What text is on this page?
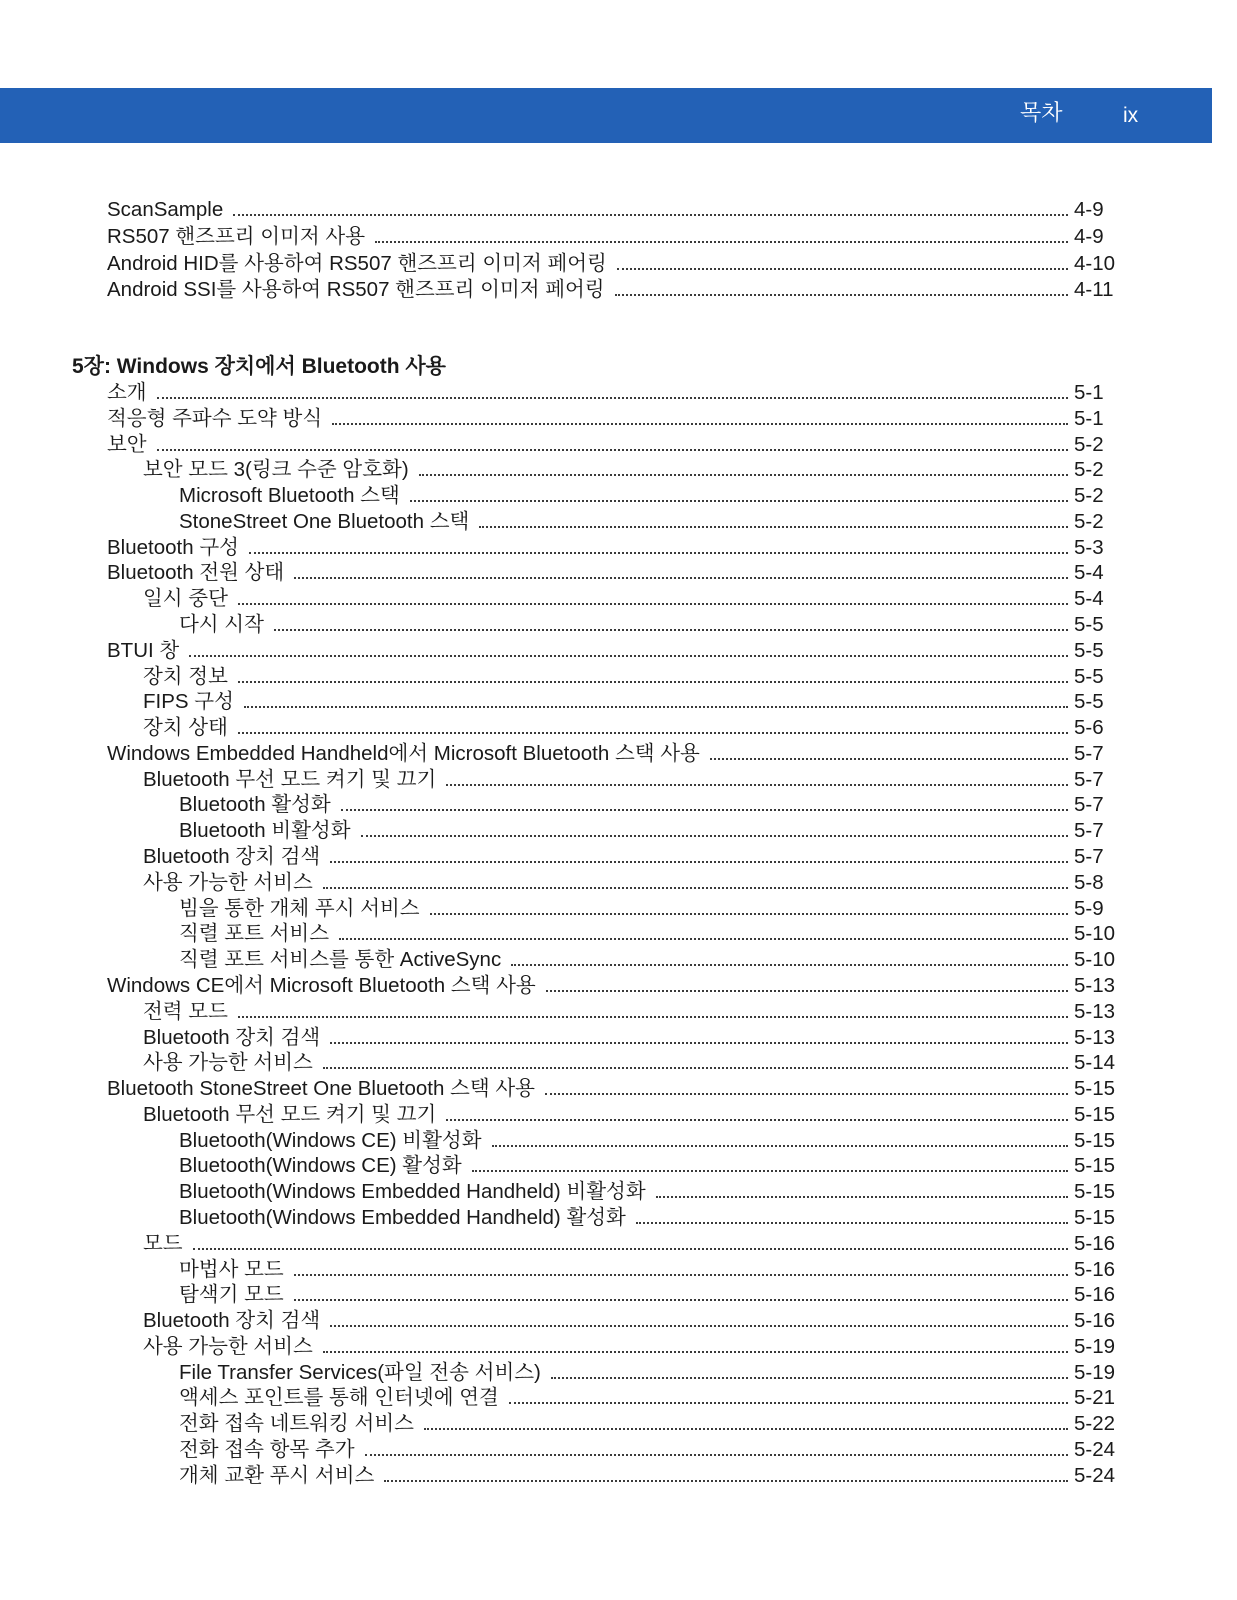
목차	ix
ScanSample	4-9
RS507 핸즈프리 이미저 사용	4-9
Android HID를 사용하여 RS507 핸즈프리 이미저 페어링	4-10
Android SSI를 사용하여 RS507 핸즈프리 이미저 페어링	4-11
소개	5-1
적응형 주파수 도약 방식	5-1
보안	5-2
보안 모드 3(링크 수준 암호화)	5-2
Microsoft Bluetooth 스택	5-2
StoneStreet One Bluetooth 스택	5-2
Bluetooth 구성	5-3
Bluetooth 전원 상태	5-4
일시 중단	5-4
다시 시작	5-5
BTUI 창	5-5
장치 정보	5-5
FIPS 구성	5-5
장치 상태	5-6
Windows Embedded Handheld에서 Microsoft Bluetooth 스택 사용	5-7
Bluetooth 무선 모드 켜기 및 끄기	5-7
Bluetooth 활성화	5-7
Bluetooth 비활성화	5-7
Bluetooth 장치 검색	5-7
사용 가능한 서비스	5-8
빔을 통한 개체 푸시 서비스	5-9
직렬 포트 서비스	5-10
직렬 포트 서비스를 통한 ActiveSync	5-10
Windows CE에서 Microsoft Bluetooth 스택 사용	5-13
전력 모드	5-13
Bluetooth 장치 검색	5-13
사용 가능한 서비스	5-14
Bluetooth StoneStreet One Bluetooth 스택 사용	5-15
Bluetooth 무선 모드 켜기 및 끄기	5-15
Bluetooth(Windows CE) 비활성화	5-15
Bluetooth(Windows CE) 활성화	5-15
Bluetooth(Windows Embedded Handheld) 비활성화	5-15
Bluetooth(Windows Embedded Handheld) 활성화	5-15
모드	5-16
마법사 모드	5-16
탐색기 모드	5-16
Bluetooth 장치 검색	5-16
사용 가능한 서비스	5-19
File Transfer Services(파일 전송 서비스)	5-19
액세스 포인트를 통해 인터넷에 연결	5-21
전화 접속 네트워킹 서비스	5-22
전화 접속 항목 추가	5-24
개체 교환 푸시 서비스	5-24
5장: Windows 장치에서 Bluetooth 사용
